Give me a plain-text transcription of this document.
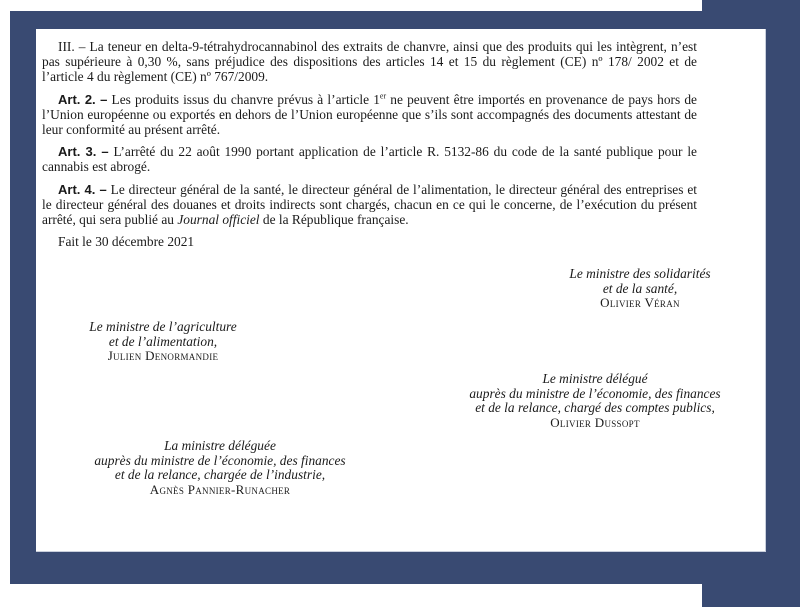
III. – La teneur en delta-9-tétrahydrocannabinol des extraits de chanvre, ainsi que des produits qui les intègrent, n’est pas supérieure à 0,30 %, sans préjudice des dispositions des articles 14 et 15 du règlement (CE) nº 178/ 2002 et de l’article 4 du règlement (CE) nº 767/2009.

Art. 2. – Les produits issus du chanvre prévus à l’article 1er ne peuvent être importés en provenance de pays hors de l’Union européenne ou exportés en dehors de l’Union européenne que s’ils sont accompagnés des documents attestant de leur conformité au présent arrêté.

Art. 3. – L’arrêté du 22 août 1990 portant application de l’article R. 5132-86 du code de la santé publique pour le cannabis est abrogé.

Art. 4. – Le directeur général de la santé, le directeur général de l’alimentation, le directeur général des entreprises et le directeur général des douanes et droits indirects sont chargés, chacun en ce qui le concerne, de l’exécution du présent arrêté, qui sera publié au Journal officiel de la République française.

Fait le 30 décembre 2021

Le ministre des solidarités
et de la santé,
Olivier Véran
Le ministre de l’agriculture
et de l’alimentation,
Julien Denormandie
Le ministre délégué
auprès du ministre de l’économie, des finances
et de la relance, chargé des comptes publics,
Olivier Dussopt
La ministre déléguée
auprès du ministre de l’économie, des finances
et de la relance, chargée de l’industrie,
Agnès Pannier-Runacher
